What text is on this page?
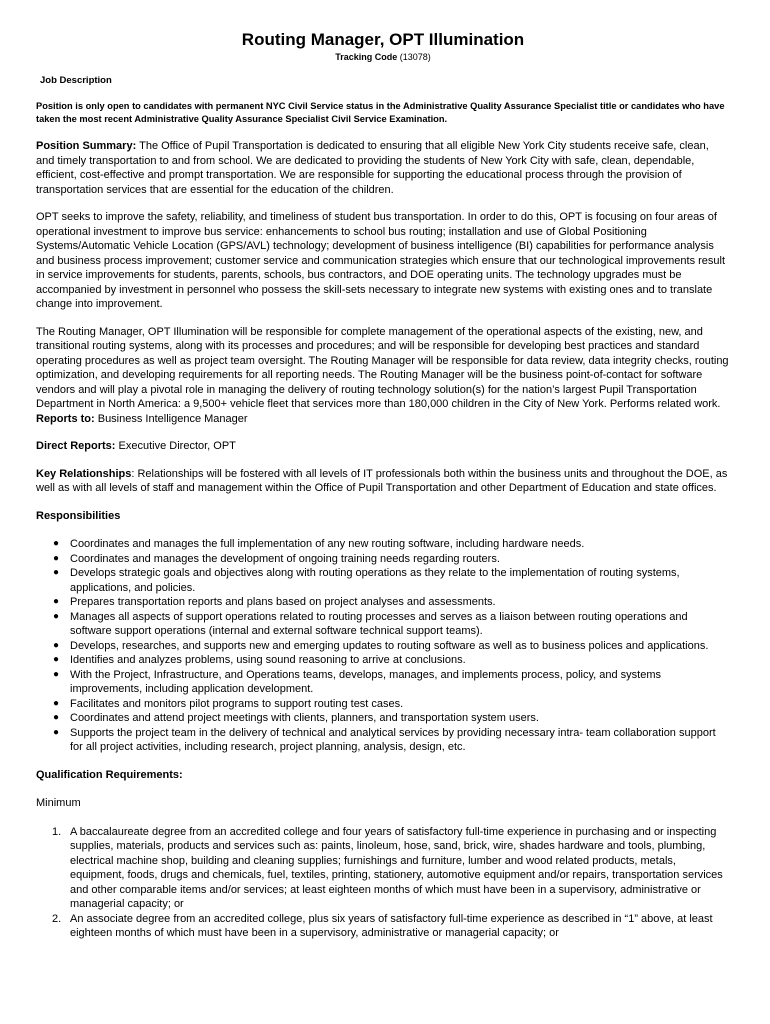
Routing Manager, OPT Illumination
Tracking Code (13078)
Job Description
Position is only open to candidates with permanent NYC Civil Service status in the Administrative Quality Assurance Specialist title or candidates who have taken the most recent Administrative Quality Assurance Specialist Civil Service Examination.

Position Summary: The Office of Pupil Transportation is dedicated to ensuring that all eligible New York City students receive safe, clean, and timely transportation to and from school. We are dedicated to providing the students of New York City with safe, clean, dependable, efficient, cost-effective and prompt transportation. We are responsible for supporting the educational process through the provision of transportation services that are essential for the education of the children.

OPT seeks to improve the safety, reliability, and timeliness of student bus transportation. In order to do this, OPT is focusing on four areas of operational investment to improve bus service: enhancements to school bus routing; installation and use of Global Positioning Systems/Automatic Vehicle Location (GPS/AVL) technology; development of business intelligence (BI) capabilities for performance analysis and business process improvement; customer service and communication strategies which ensure that our technological improvements result in service improvements for students, parents, schools, bus contractors, and DOE operating units. The technology upgrades must be accompanied by investment in personnel who possess the skill-sets necessary to integrate new systems with existing ones and to translate change into improvement.

The Routing Manager, OPT Illumination will be responsible for complete management of the operational aspects of the existing, new, and transitional routing systems, along with its processes and procedures; and will be responsible for developing best practices and standard operating procedures as well as project team oversight. The Routing Manager will be responsible for data review, data integrity checks, routing optimization, and developing requirements for all reporting needs. The Routing Manager will be the business point-of-contact for software vendors and will play a pivotal role in managing the delivery of routing technology solution(s) for the nation’s largest Pupil Transportation Department in North America: a 9,500+ vehicle fleet that services more than 180,000 children in the City of New York. Performs related work.

Reports to: Business Intelligence Manager

Direct Reports: Executive Director, OPT

Key Relationships: Relationships will be fostered with all levels of IT professionals both within the business units and throughout the DOE, as well as with all levels of staff and management within the Office of Pupil Transportation and other Department of Education and state offices.

Responsibilities
● Coordinates and manages the full implementation of any new routing software, including hardware needs.
● Coordinates and manages the development of ongoing training needs regarding routers.
● Develops strategic goals and objectives along with routing operations as they relate to the implementation of routing systems, applications, and policies.
● Prepares transportation reports and plans based on project analyses and assessments.
● Manages all aspects of support operations related to routing processes and serves as a liaison between routing operations and software support operations (internal and external software technical support teams).
● Develops, researches, and supports new and emerging updates to routing software as well as to business polices and applications.
● Identifies and analyzes problems, using sound reasoning to arrive at conclusions.
● With the Project, Infrastructure, and Operations teams, develops, manages, and implements process, policy, and systems improvements, including application development.
● Facilitates and monitors pilot programs to support routing test cases.
● Coordinates and attend project meetings with clients, planners, and transportation system users.
● Supports the project team in the delivery of technical and analytical services by providing necessary intra- team collaboration support for all project activities, including research, project planning, analysis, design, etc.
Qualification Requirements:
Minimum
1. A baccalaureate degree from an accredited college and four years of satisfactory full-time experience in purchasing and or inspecting supplies, materials, products and services such as: paints, linoleum, hose, sand, brick, wire, shades hardware and tools, plumbing, electrical machine shop, building and cleaning supplies; furnishings and furniture, lumber and wood related products, metals, equipment, foods, drugs and chemicals, fuel, textiles, printing, stationery, automotive equipment and/or repairs, transportation services and other comparable items and/or services; at least eighteen months of which must have been in a supervisory, administrative or managerial capacity; or
2. An associate degree from an accredited college, plus six years of satisfactory full-time experience as described in “1” above, at least eighteen months of which must have been in a supervisory, administrative or managerial capacity; or
